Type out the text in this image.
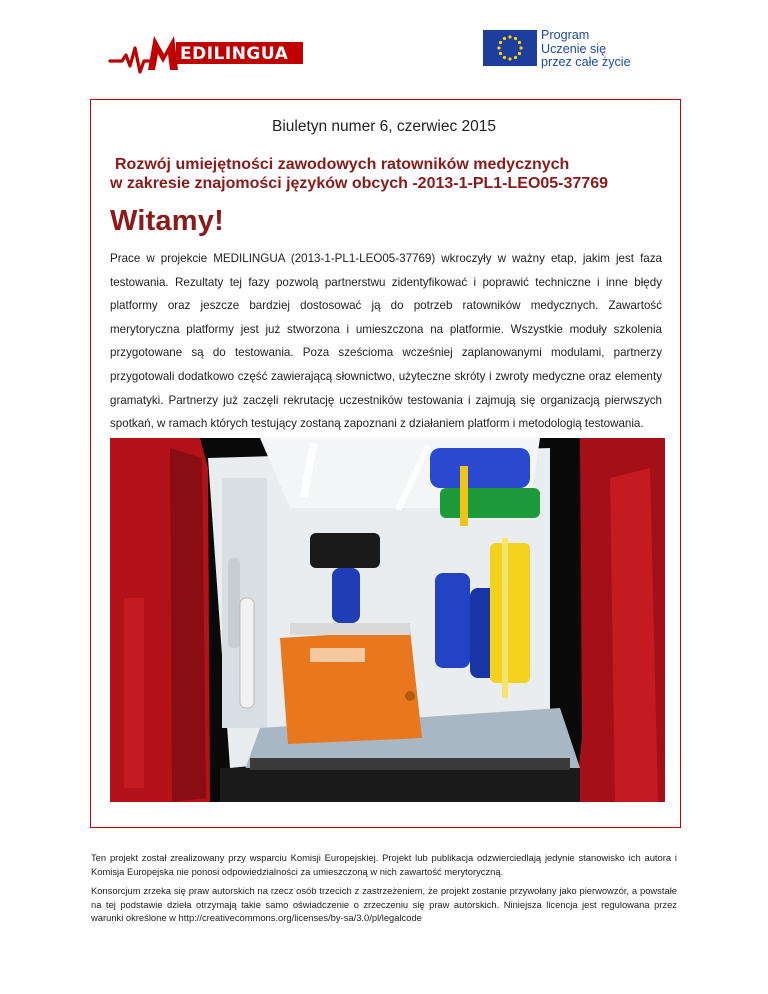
EDILINGUA
Program
Uczenie się
przez całe życie
Biuletyn numer 6, czerwiec 2015
Rozwój umiejętności zawodowych ratowników medycznych
w zakresie znajomości języków obcych -2013-1-PL1-LEO05-37769
Witamy!
Prace w projekcie MEDILINGUA (2013-1-PL1-LEO05-37769) wkroczyły w ważny etap, jakim jest faza testowania. Rezultaty tej fazy pozwolą partnerstwu zidentyfikować i poprawić techniczne i inne błędy platformy oraz jeszcze bardziej dostosować ją do potrzeb ratowników medycznych. Zawartość merytoryczna platformy jest już stworzona i umieszczona na platformie. Wszystkie moduły szkolenia przygotowane są do testowania. Poza sześcioma wcześniej zaplanowanymi modulami, partnerzy przygotowali dodatkowo część zawierającą słownictwo, użyteczne skróty i zwroty medyczne oraz elementy gramatyki. Partnerzy już zaczęli rekrutację uczestników testowania i zajmują się organizacją pierwszych spotkań, w ramach których testujący zostaną zapoznani z działaniem platform i metodologią testowania.
Ten projekt został zrealizowany przy wsparciu Komisji Europejskiej. Projekt lub publikacja odzwierciedlają jedynie stanowisko ich autora i Komisja Europejska nie ponosi odpowiedzialności za umieszczoną w nich zawartość merytoryczną.
Konsorcjum zrzeka się praw autorskich na rzecz osób trzecich z zastrzeżeniem, że projekt zostanie przywołany jako pierwowzór, a powstałe na tej podstawie dzieła otrzymają takie samo oświadczenie o zrzeczeniu się praw autorskich. Niniejsza licencja jest regulowana przez warunki określone w http://creativecommons.org/licenses/by-sa/3.0/pl/legalcode
